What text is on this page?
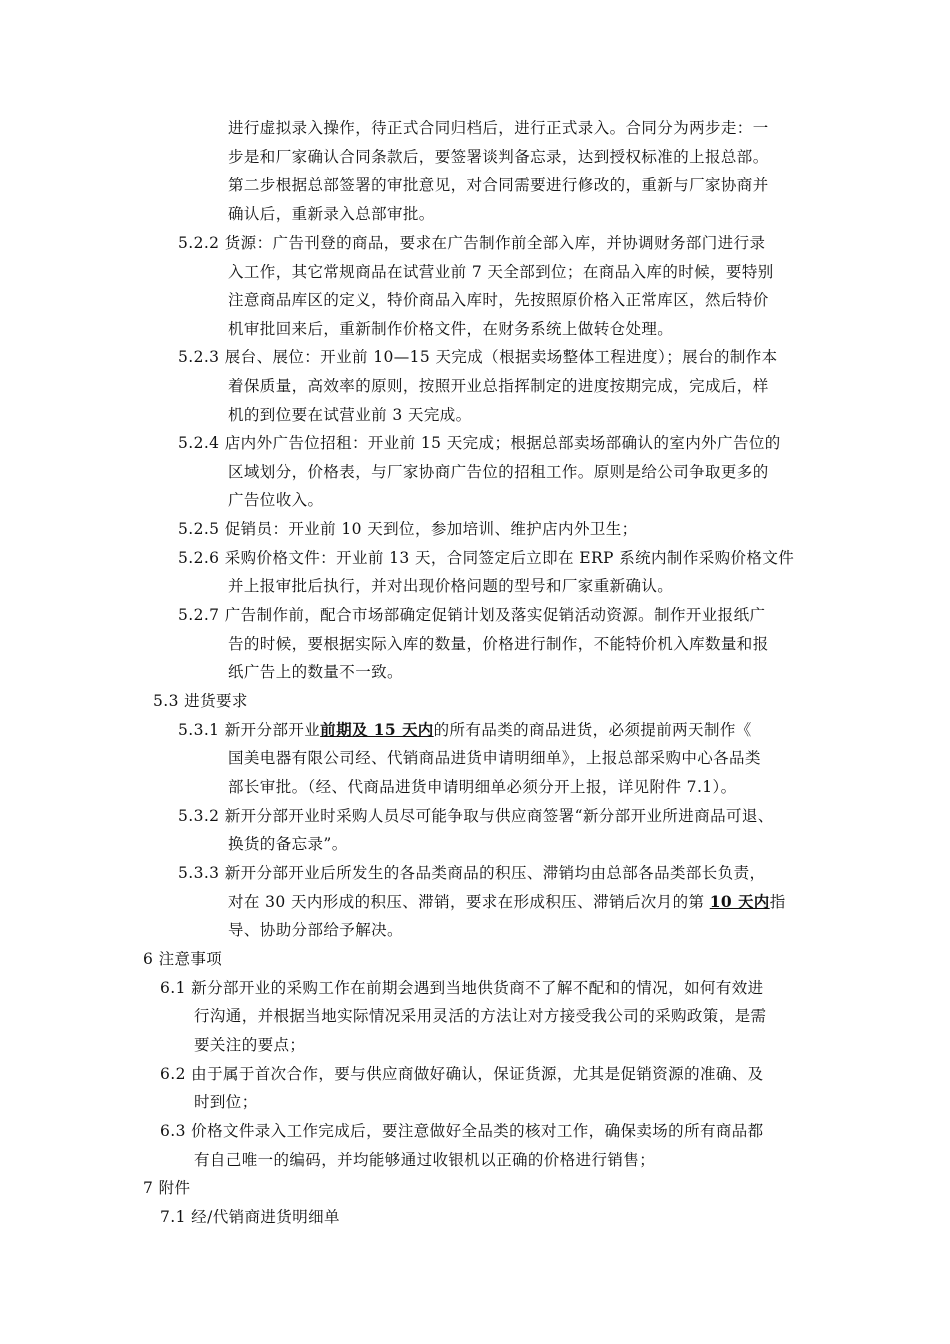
进行虚拟录入操作，待正式合同归档后，进行正式录入。合同分为两步走：一
步是和厂家确认合同条款后，要签署谈判备忘录，达到授权标准的上报总部。
第二步根据总部签署的审批意见，对合同需要进行修改的，重新与厂家协商并
确认后，重新录入总部审批。
5.2.2 货源：广告刊登的商品，要求在广告制作前全部入库，并协调财务部门进行录
入工作，其它常规商品在试营业前 7 天全部到位；在商品入库的时候，要特别
注意商品库区的定义，特价商品入库时，先按照原价格入正常库区，然后特价
机审批回来后，重新制作价格文件，在财务系统上做转仓处理。
5.2.3 展台、展位：开业前 10—15 天完成（根据卖场整体工程进度）；展台的制作本
着保质量，高效率的原则，按照开业总指挥制定的进度按期完成，完成后，样
机的到位要在试营业前 3 天完成。
5.2.4 店内外广告位招租：开业前 15 天完成；根据总部卖场部确认的室内外广告位的
区域划分，价格表，与厂家协商广告位的招租工作。原则是给公司争取更多的
广告位收入。
5.2.5 促销员：开业前 10 天到位，参加培训、维护店内外卫生；
5.2.6 采购价格文件：开业前 13 天，合同签定后立即在 ERP 系统内制作采购价格文件
并上报审批后执行，并对出现价格问题的型号和厂家重新确认。
5.2.7 广告制作前，配合市场部确定促销计划及落实促销活动资源。制作开业报纸广
告的时候，要根据实际入库的数量，价格进行制作，不能特价机入库数量和报
纸广告上的数量不一致。
5.3 进货要求
5.3.1 新开分部开业前期及 15 天内的所有品类的商品进货，必须提前两天制作《
国美电器有限公司经、代销商品进货申请明细单》，上报总部采购中心各品类
部长审批。（经、代商品进货申请明细单必须分开上报，详见附件 7.1）。
5.3.2 新开分部开业时采购人员尽可能争取与供应商签署“新分部开业所进商品可退、
换货的备忘录”。
5.3.3 新开分部开业后所发生的各品类商品的积压、滞销均由总部各品类部长负责，
对在 30 天内形成的积压、滞销，要求在形成积压、滞销后次月的第 10 天内指
导、协助分部给予解决。
6 注意事项
6.1 新分部开业的采购工作在前期会遇到当地供货商不了解不配和的情况，如何有效进
行沟通，并根据当地实际情况采用灵活的方法让对方接受我公司的采购政策，是需
要关注的要点；
6.2 由于属于首次合作，要与供应商做好确认，保证货源，尤其是促销资源的准确、及
时到位；
6.3 价格文件录入工作完成后，要注意做好全品类的核对工作，确保卖场的所有商品都
有自己唯一的编码，并均能够通过收银机以正确的价格进行销售；
7 附件
7.1 经/代销商进货明细单
